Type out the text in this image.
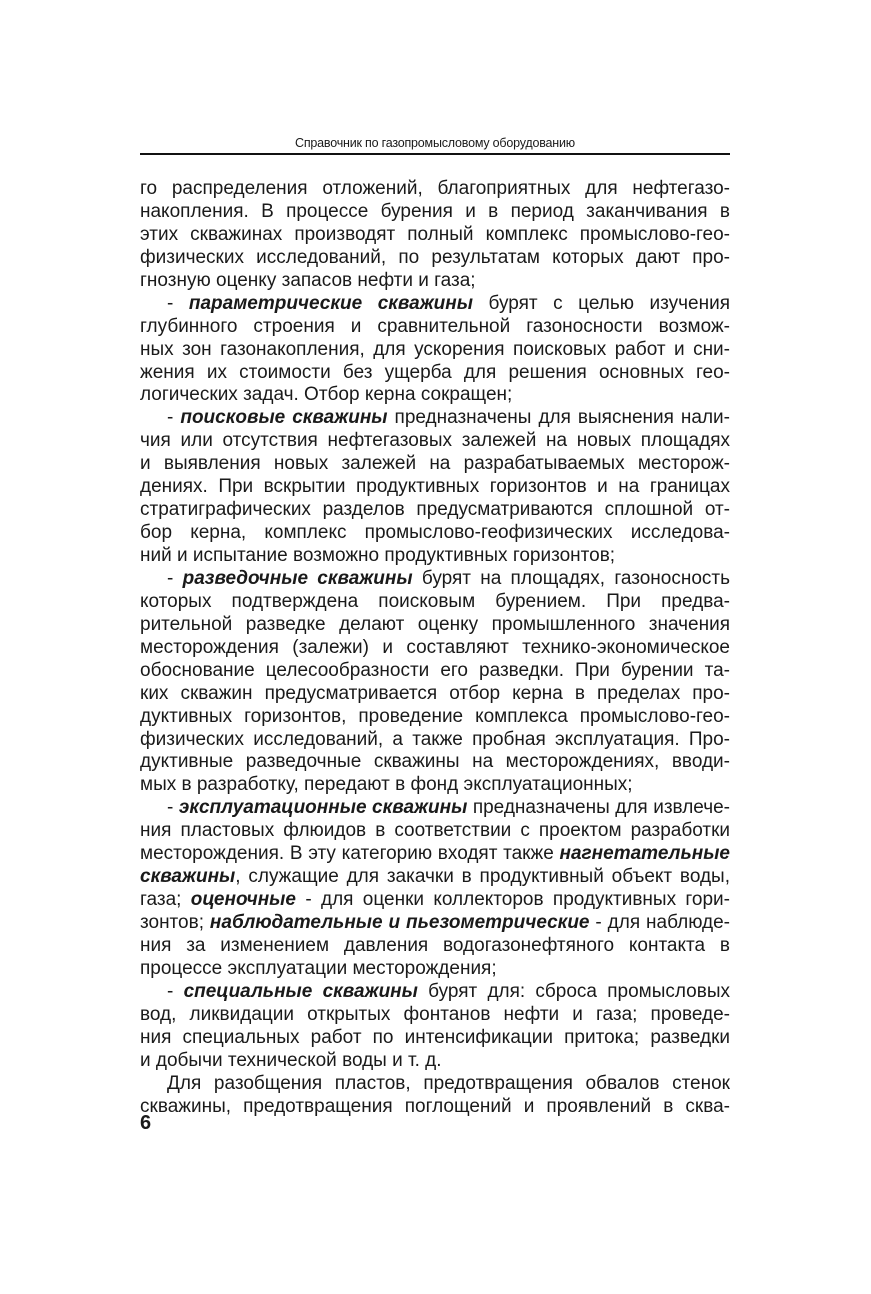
Справочник по газопромысловому оборудованию
го распределения отложений, благоприятных для нефтегазо-
накопления. В процессе бурения и в период заканчивания в
этих скважинах производят полный комплекс промыслово-гео-
физических исследований, по результатам которых дают про-
гнозную оценку запасов нефти и газа;
- параметрические скважины бурят с целью изучения
глубинного строения и сравнительной газоносности возмож-
ных зон газонакопления, для ускорения поисковых работ и сни-
жения их стоимости без ущерба для решения основных гео-
логических задач. Отбор керна сокращен;
- поисковые скважины предназначены для выяснения нали-
чия или отсутствия нефтегазовых залежей на новых площадях
и выявления новых залежей на разрабатываемых месторож-
дениях. При вскрытии продуктивных горизонтов и на границах
стратиграфических разделов предусматриваются сплошной от-
бор керна, комплекс промыслово-геофизических исследова-
ний и испытание возможно продуктивных горизонтов;
- разведочные скважины бурят на площадях, газоносность
которых подтверждена поисковым бурением. При предва-
рительной разведке делают оценку промышленного значения
месторождения (залежи) и составляют технико-экономическое
обоснование целесообразности его разведки. При бурении та-
ких скважин предусматривается отбор керна в пределах про-
дуктивных горизонтов, проведение комплекса промыслово-гео-
физических исследований, а также пробная эксплуатация. Про-
дуктивные разведочные скважины на месторождениях, вводи-
мых в разработку, передают в фонд эксплуатационных;
- эксплуатационные скважины предназначены для извлече-
ния пластовых флюидов в соответствии с проектом разработки
месторождения. В эту категорию входят также нагнетательные
скважины, служащие для закачки в продуктивный объект воды,
газа; оценочные - для оценки коллекторов продуктивных гори-
зонтов; наблюдательные и пьезометрические - для наблюде-
ния за изменением давления водогазонефтяного контакта в
процессе эксплуатации месторождения;
- специальные скважины бурят для: сброса промысловых
вод, ликвидации открытых фонтанов нефти и газа; проведе-
ния специальных работ по интенсификации притока; разведки
и добычи технической воды и т. д.
Для разобщения пластов, предотвращения обвалов стенок
скважины, предотвращения поглощений и проявлений в сква-
6
